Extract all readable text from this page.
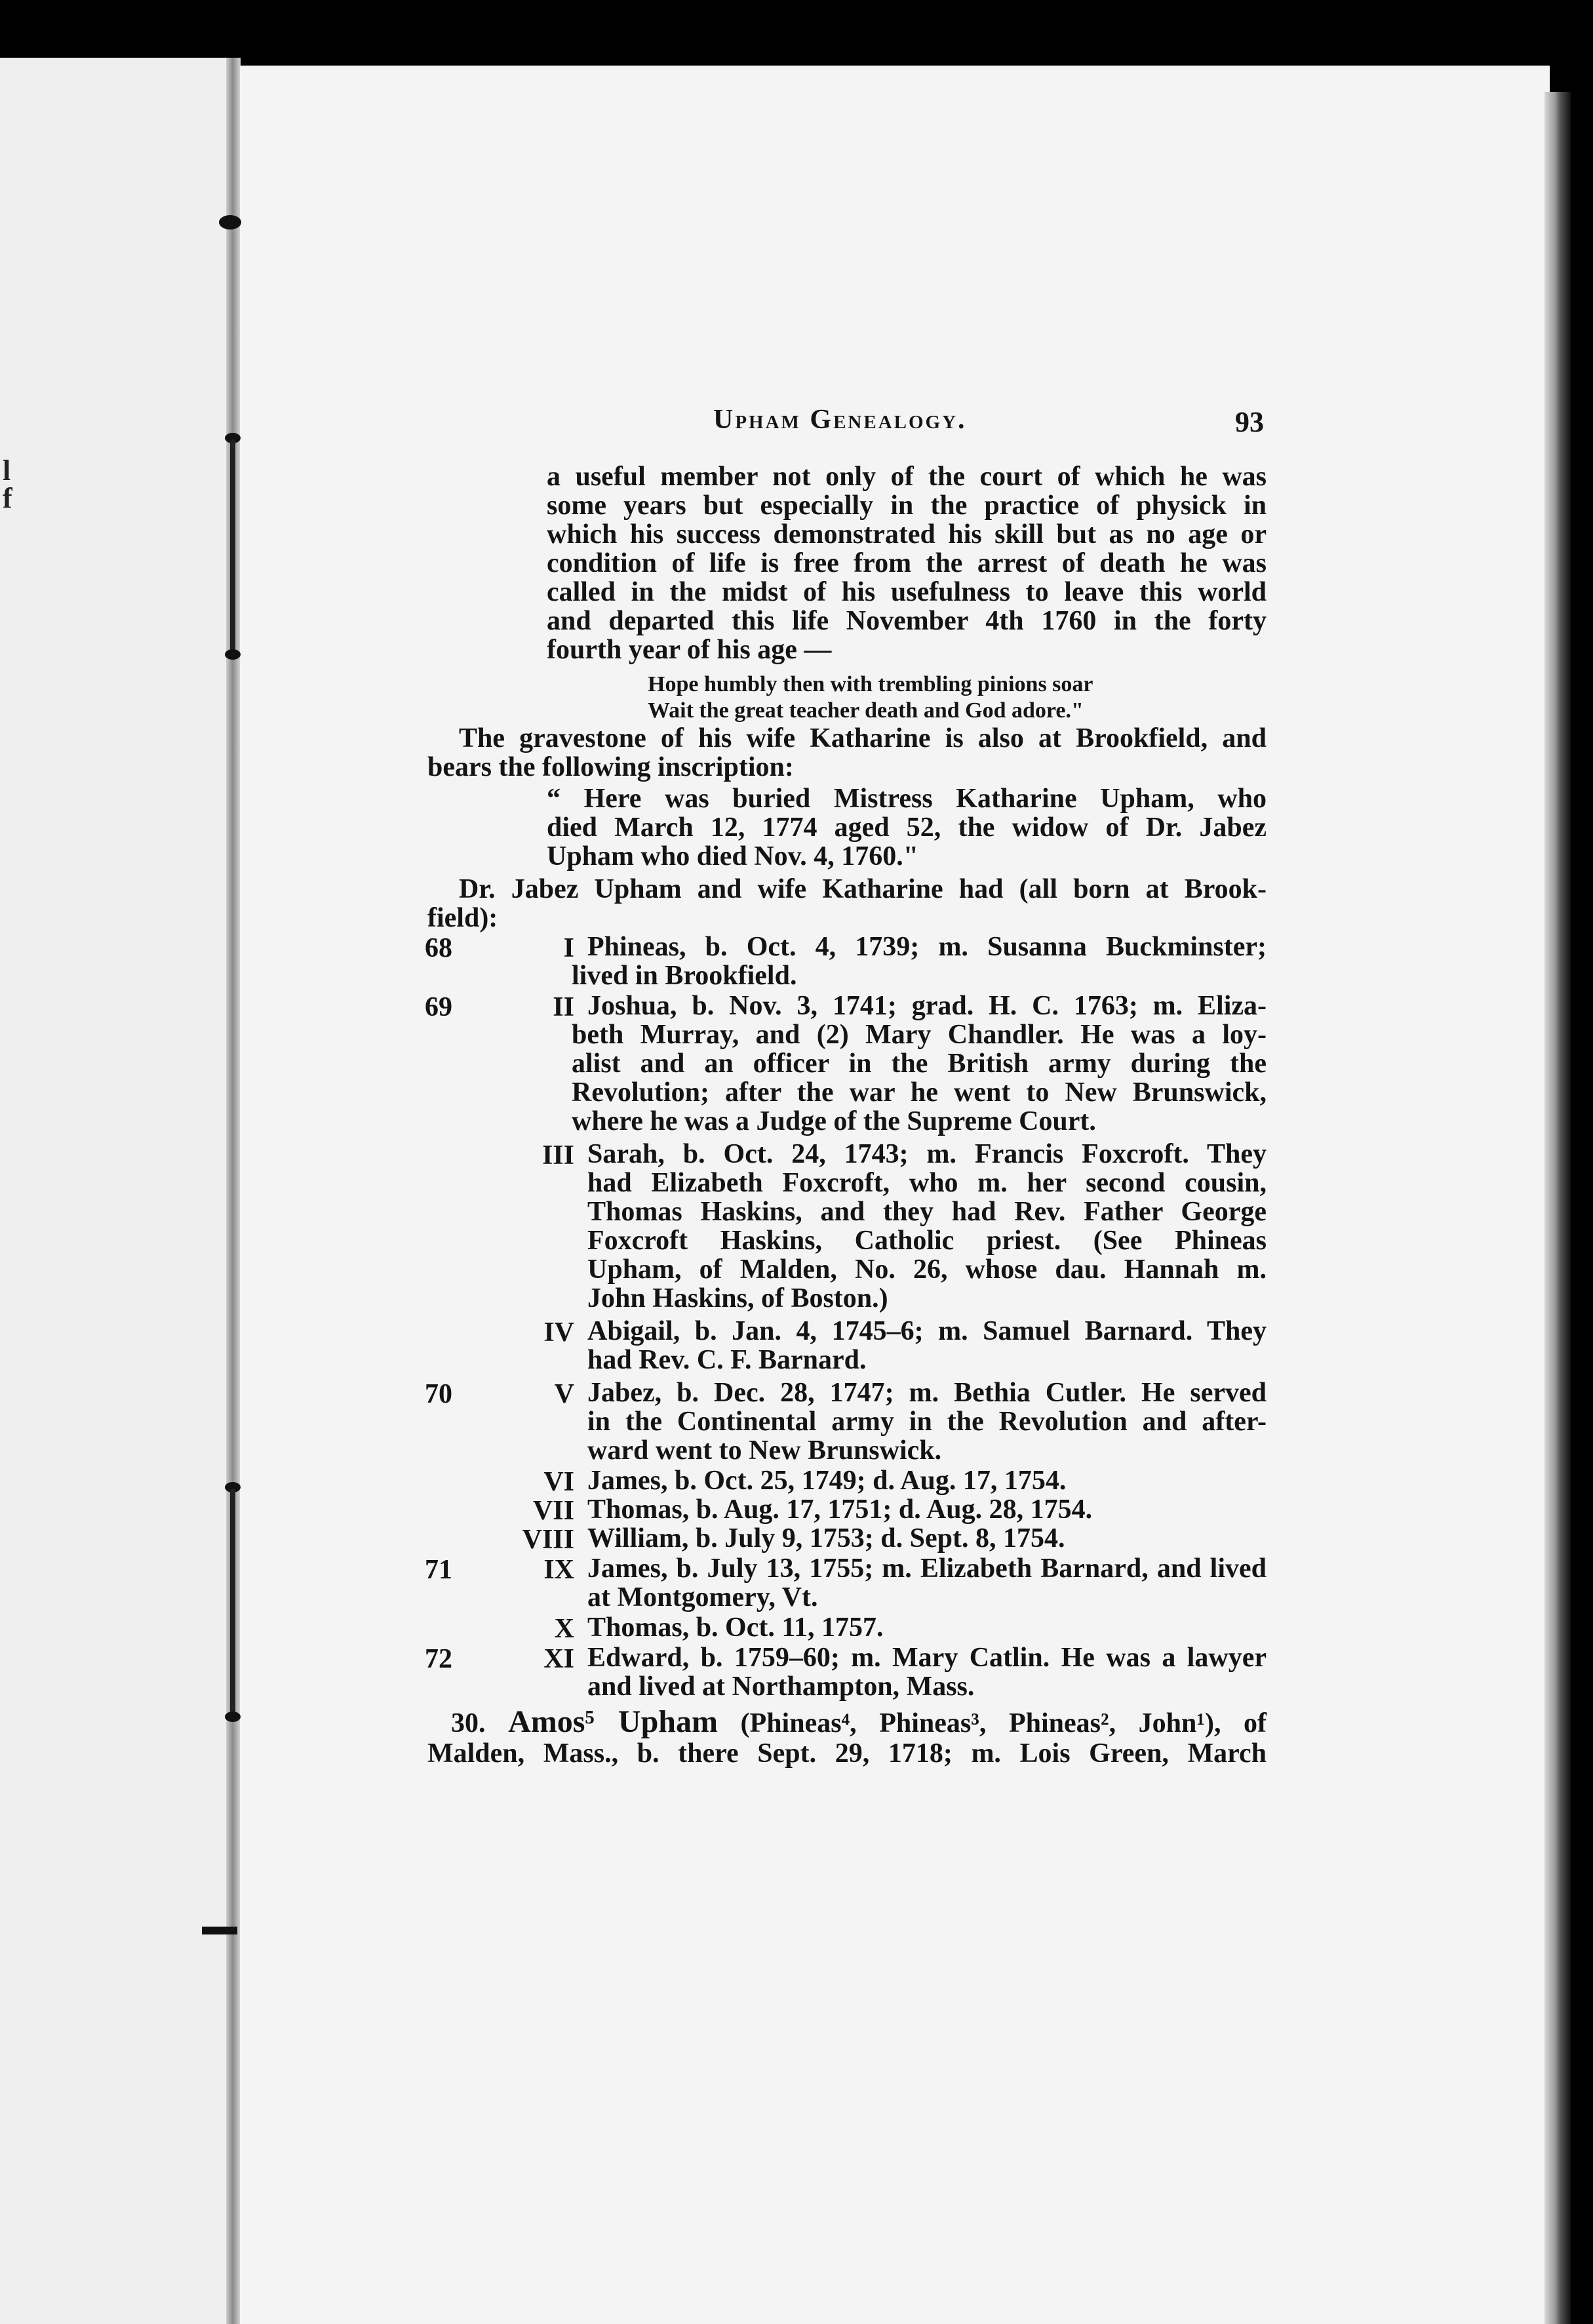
l
f
Upham Genealogy.	93
a useful member not only of the court of which he was
some years but especially in the practice of physick in
which his success demonstrated his skill but as no age or
condition of life is free from the arrest of death he was
called in the midst of his usefulness to leave this world
and departed this life November 4th 1760 in the forty
fourth year of his age —
Hope humbly then with trembling pinions soar
Wait the great teacher death and God adore."
The gravestone of his wife Katharine is also at Brookfield, and
bears the following inscription:
“ Here was buried Mistress Katharine Upham, who
died March 12, 1774 aged 52, the widow of Dr. Jabez
Upham who died Nov. 4, 1760."
Dr. Jabez Upham and wife Katharine had (all born at Brook-
field):
68	I Phineas, b. Oct. 4, 1739; m. Susanna Buckminster;
lived in Brookfield.
69	II Joshua, b. Nov. 3, 1741; grad. H. C. 1763; m. Eliza-
beth Murray, and (2) Mary Chandler. He was a loy-
alist and an officer in the British army during the
Revolution; after the war he went to New Brunswick,
where he was a Judge of the Supreme Court.
III Sarah, b. Oct. 24, 1743; m. Francis Foxcroft. They
had Elizabeth Foxcroft, who m. her second cousin,
Thomas Haskins, and they had Rev. Father George
Foxcroft Haskins, Catholic priest. (See Phineas
Upham, of Malden, No. 26, whose dau. Hannah m.
John Haskins, of Boston.)
IV Abigail, b. Jan. 4, 1745–6; m. Samuel Barnard. They
had Rev. C. F. Barnard.
70	V Jabez, b. Dec. 28, 1747; m. Bethia Cutler. He served
in the Continental army in the Revolution and after-
ward went to New Brunswick.
VI James, b. Oct. 25, 1749; d. Aug. 17, 1754.
VII Thomas, b. Aug. 17, 1751; d. Aug. 28, 1754.
VIII William, b. July 9, 1753; d. Sept. 8, 1754.
71	IX James, b. July 13, 1755; m. Elizabeth Barnard, and lived
at Montgomery, Vt.
X Thomas, b. Oct. 11, 1757.
72	XI Edward, b. 1759–60; m. Mary Catlin. He was a lawyer
and lived at Northampton, Mass.
30. Amos⁵ Upham (Phineas⁴, Phineas³, Phineas², John¹), of
Malden, Mass., b. there Sept. 29, 1718; m. Lois Green, March
